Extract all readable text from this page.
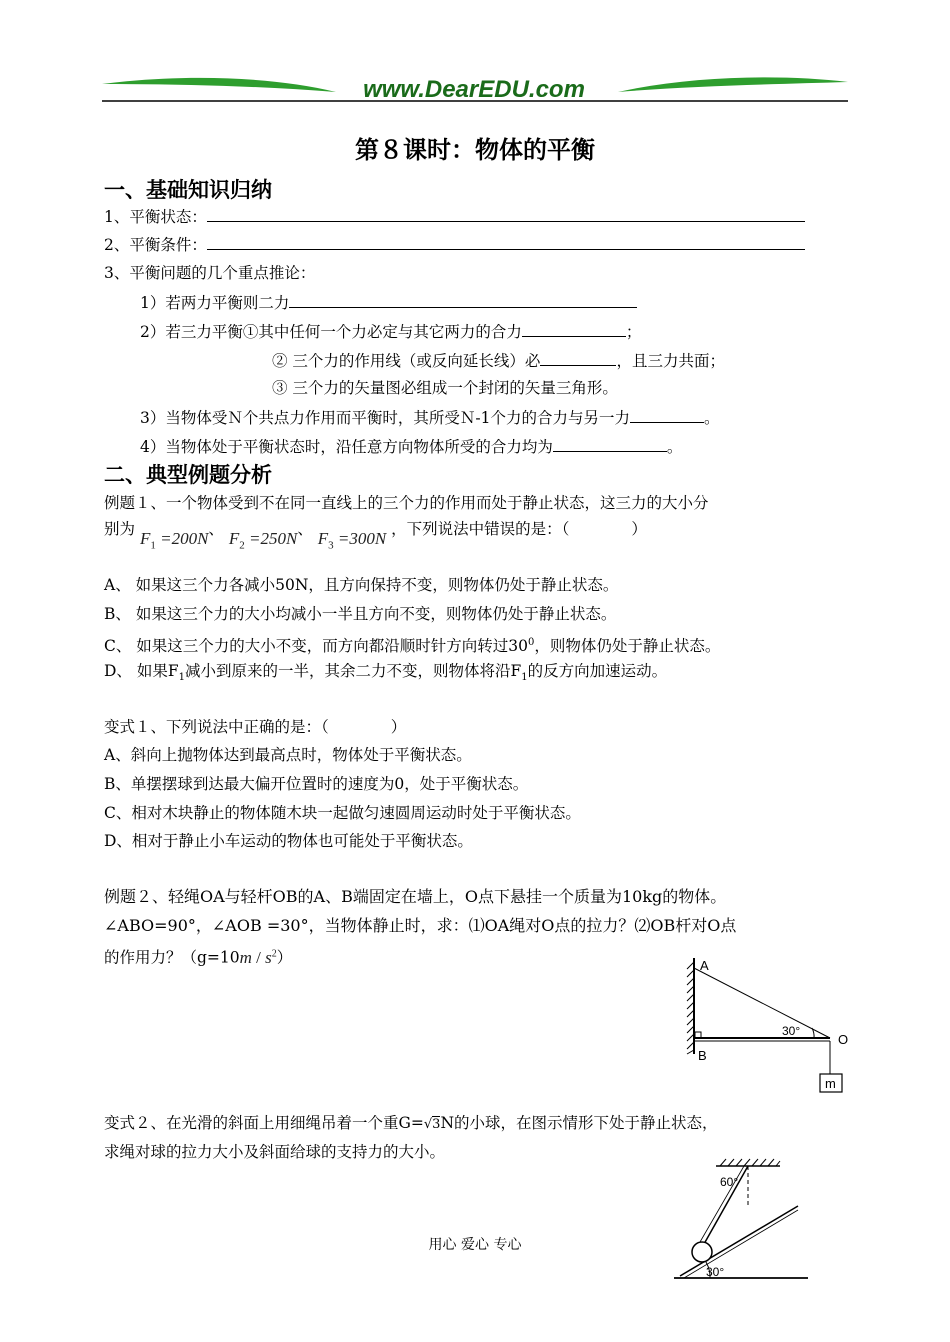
www.DearEDU.com
第８课时：物体的平衡
一、基础知识归纳
1、平衡状态：
2、平衡条件：
3、平衡问题的几个重点推论：
1）若两力平衡则二力
2）若三力平衡①其中任何一个力必定与其它两力的合力	；
② 三个力的作用线（或反向延长线）必	，且三力共面；
③ 三个力的矢量图必组成一个封闭的矢量三角形。
3）当物体受Ｎ个共点力作用而平衡时，其所受Ｎ-1个力的合力与另一力	。
4）当物体处于平衡状态时，沿任意方向物体所受的合力均为	。
二、典型例题分析
例题１、一个物体受到不在同一直线上的三个力的作用而处于静止状态，这三力的大小分
别为 $F_1 =200N$、 $F_2 =250N$、 $F_3 =300N$ ，下列说法中错误的是：（　　　　）
A、 如果这三个力各减小50N，且方向保持不变，则物体仍处于静止状态。
B、 如果这三个力的大小均减小一半且方向不变，则物体仍处于静止状态。
C、 如果这三个力的大小不变，而方向都沿顺时针方向转过$30^0$，则物体仍处于静止状态。
D、 如果$F_1$减小到原来的一半，其余二力不变，则物体将沿$F_1$的反方向加速运动。
变式１、下列说法中正确的是：（　　　　）
A、斜向上抛物体达到最高点时，物体处于平衡状态。
B、单摆摆球到达最大偏开位置时的速度为0，处于平衡状态。
C、相对木块静止的物体随木块一起做匀速圆周运动时处于平衡状态。
D、相对于静止小车运动的物体也可能处于平衡状态。
例题２、轻绳OA与轻杆OB的A、B端固定在墙上，O点下悬挂一个质量为10kg的物体。
∠ABO=90°，∠AOB =30°，当物体静止时，求：⑴OA绳对O点的拉力？⑵OB杆对O点
的作用力？$(g=10m / s^2)$	A
B
O
m
30°
变式２、在光滑的斜面上用细绳吊着一个重G=√3N的小球，在图示情形下处于静止状态，
求绳对球的拉力大小及斜面给球的支持力的大小。
60°
30°
用心 爱心 专心
